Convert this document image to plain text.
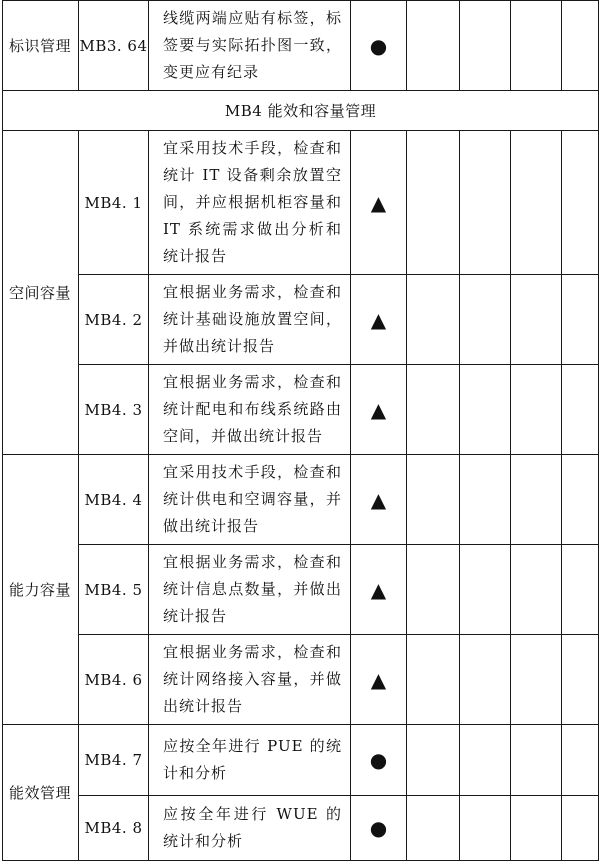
标识管理	MB3. 64	线缆两端应贴有标签，标签要与实际拓扑图一致，变更应有纪录	●				
MB4 能效和容量管理							
空间容量	MB4. 1	宜采用技术手段，检查和统计 IT 设备剩余放置空间，并应根据机柜容量和 IT 系统需求做出分析和统计报告	▲				
	MB4. 2	宜根据业务需求，检查和统计基础设施放置空间，并做出统计报告	▲				
	MB4. 3	宜根据业务需求，检查和统计配电和布线系统路由空间，并做出统计报告	▲				
能力容量	MB4. 4	宜采用技术手段，检查和统计供电和空调容量，并做出统计报告	▲				
	MB4. 5	宜根据业务需求，检查和统计信息点数量，并做出统计报告	▲				
	MB4. 6	宜根据业务需求，检查和统计网络接入容量，并做出统计报告	▲				
能效管理	MB4. 7	应按全年进行 PUE 的统计和分析	●				
	MB4. 8	应按全年进行 WUE 的统计和分析	●				
